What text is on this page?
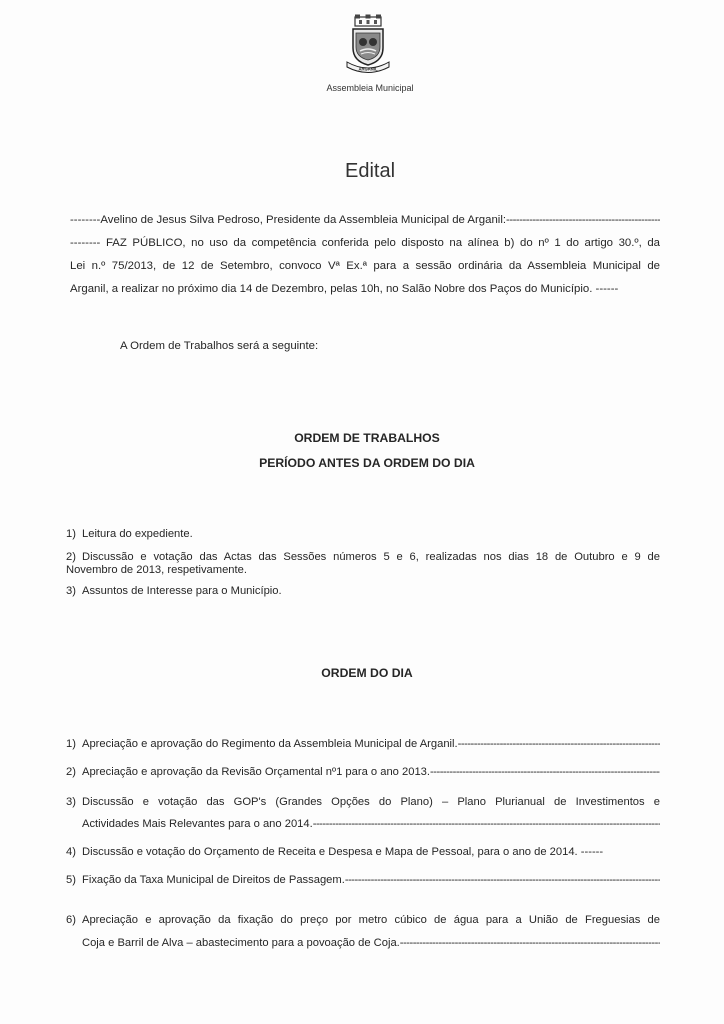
ARGANIL
Assembleia Municipal
Edital
-------- Avelino de Jesus Silva Pedroso, Presidente da Assembleia Municipal de Arganil:
-----
-------- FAZ PÚBLICO, no uso da competência conferida pelo disposto na alínea b) do nº 1 do artigo 30.º, da
Lei n.º 75/2013, de 12 de Setembro, convoco Vª Ex.ª para a sessão ordinária da Assembleia Municipal de
Arganil, a realizar no próximo dia 14 de Dezembro, pelas 10h, no Salão Nobre dos Paços do Município. ------
A Ordem de Trabalhos será a seguinte:
ORDEM DE TRABALHOS
PERÍODO ANTES DA ORDEM DO DIA
1) Leitura do expediente.
2) Discussão e votação das Actas das Sessões números 5 e 6, realizadas nos dias 18 de Outubro e 9 de
Novembro de 2013, respetivamente.
3) Assuntos de Interesse para o Município.
ORDEM DO DIA
1) Apreciação e aprovação do Regimento da Assembleia Municipal de Arganil.
-----
2) Apreciação e aprovação da Revisão Orçamental nº1 para o ano 2013.
-----
3) Discussão e votação das GOP's (Grandes Opções do Plano) – Plano Plurianual de Investimentos e
Actividades Mais Relevantes para o ano 2014.
-----
4) Discussão e votação do Orçamento de Receita e Despesa e Mapa de Pessoal, para o ano de 2014. ------
5) Fixação da Taxa Municipal de Direitos de Passagem.
-----
6) Apreciação e aprovação da fixação do preço por metro cúbico de água para a União de Freguesias de
Coja e Barril de Alva – abastecimento para a povoação de Coja.
-----
